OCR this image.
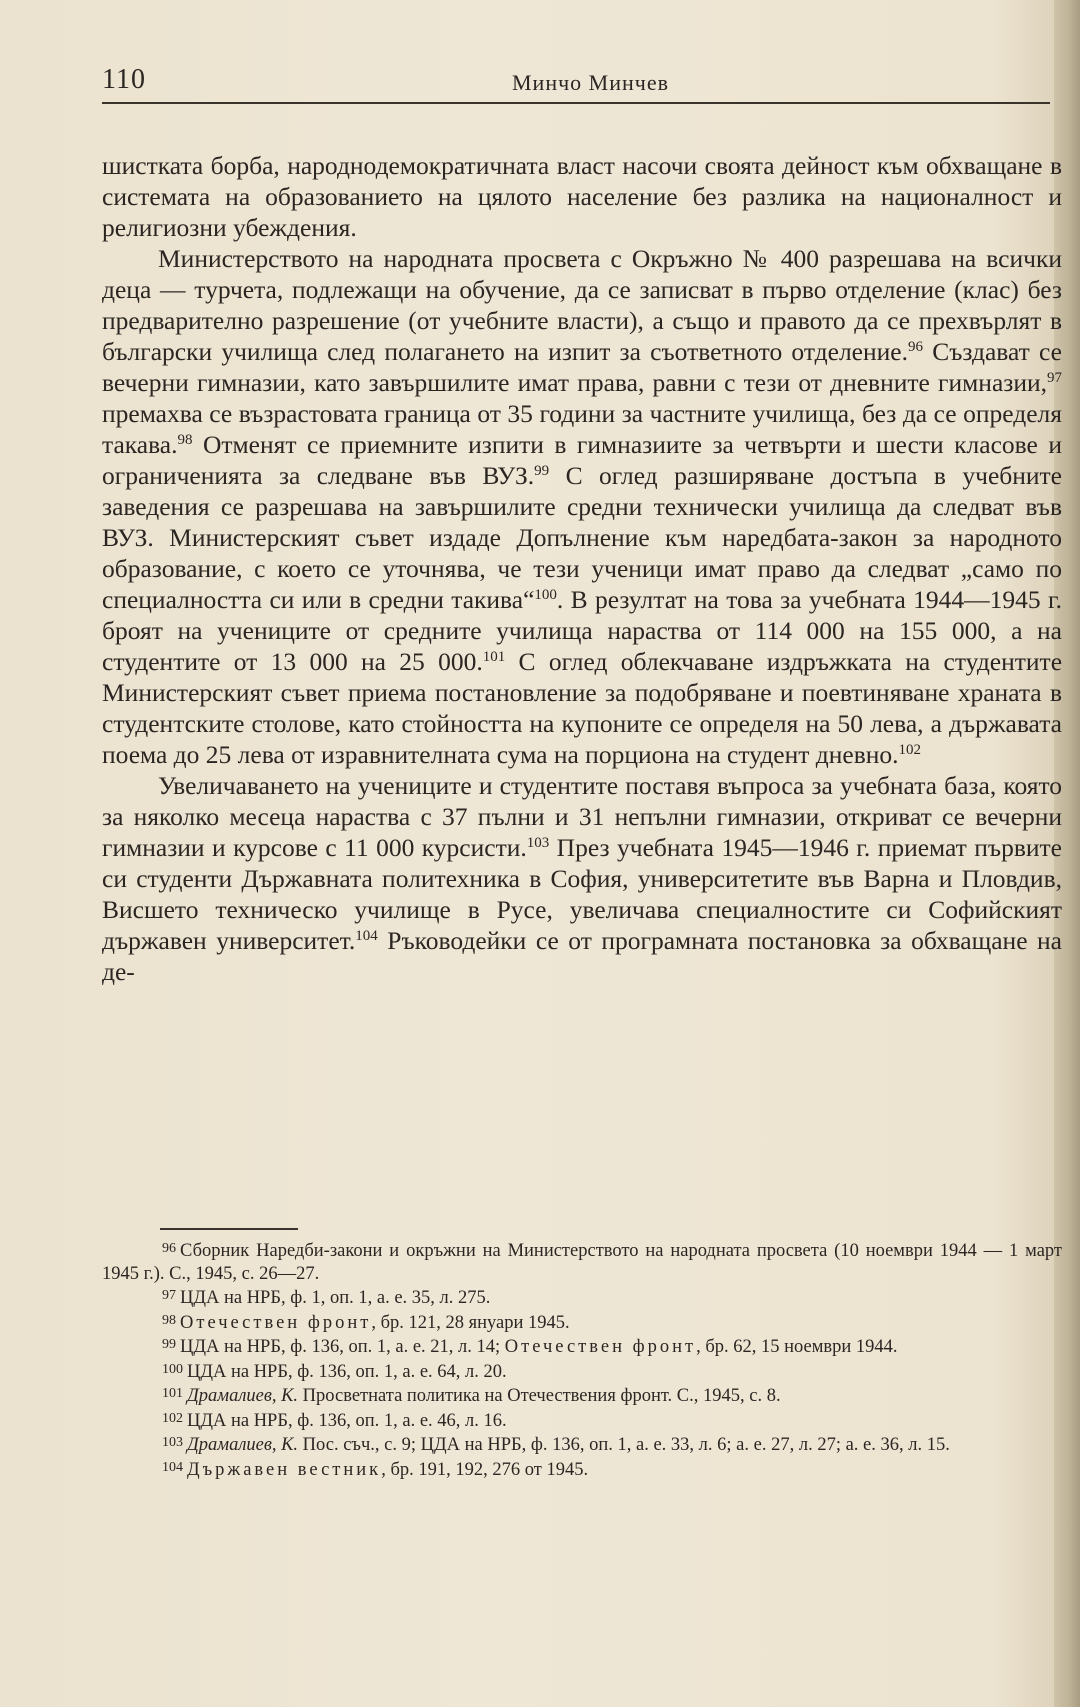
110	Минчо Минчев

шистката борба, народнодемократичната власт насочи своята дейност към обхващане в системата на образованието на цялото население без разлика на националност и религиозни убеждения.

Министерството на народната просвета с Окръжно № 400 разрешава на всички деца — турчета, подлежащи на обучение, да се записват в първо отделение (клас) без предварително разрешение (от учебните власти), а също и правото да се прехвърлят в български училища след полагането на изпит за съответното отделение.$^{96}$ Създават се вечерни гимназии, като завършилите имат права, равни с тези от дневните гимназии,$^{97}$ премахва се възрастовата граница от 35 години за частните училища, без да се определя такава.$^{98}$ Отменят се приемните изпити в гимназиите за четвърти и шести класове и ограниченията за следване във ВУЗ.$^{99}$ С оглед разширяване достъпа в учебните заведения се разрешава на завършилите средни технически училища да следват във ВУЗ. Министерският съвет издаде Допълнение към наредбата-закон за народното образование, с което се уточнява, че тези ученици имат право да следват „само по специалността си или в средни такива“$^{100}$. В резултат на това за учебната 1944—1945 г. броят на учениците от средните училища нараства от 114 000 на 155 000, а на студентите от 13 000 на 25 000.$^{101}$ С оглед облекчаване издръжката на студентите Министерският съвет приема постановление за подобряване и поевтиняване храната в студентските столове, като стойността на купоните се определя на 50 лева, а държавата поема до 25 лева от изравнителната сума на порциона на студент дневно.$^{102}$

Увеличаването на учениците и студентите поставя въпроса за учебната база, която за няколко месеца нараства с 37 пълни и 31 непълни гимназии, откриват се вечерни гимназии и курсове с 11 000 курсисти.$^{103}$ През учебната 1945—1946 г. приемат първите си студенти Държавната политехника в София, университетите във Варна и Пловдив, Висшето техническо училище в Русе, увеличава специалностите си Софийският държавен университет.$^{104}$ Ръководейки се от програмната постановка за обхващане на де-

$^{96}$ Сборник Наредби-закони и окръжни на Министерството на народната просвета (10 ноември 1944 — 1 март 1945 г.). С., 1945, с. 26—27.

$^{97}$ ЦДА на НРБ, ф. 1, оп. 1, а. е. 35, л. 275.

$^{98}$ Отечествен фронт, бр. 121, 28 януари 1945.

$^{99}$ ЦДА на НРБ, ф. 136, оп. 1, а. е. 21, л. 14; Отечествен фронт, бр. 62, 15 ноември 1944.

$^{100}$ ЦДА на НРБ, ф. 136, оп. 1, а. е. 64, л. 20.

$^{101}$ Драмалиев, К. Просветната политика на Отечествения фронт. С., 1945, с. 8.

$^{102}$ ЦДА на НРБ, ф. 136, оп. 1, а. е. 46, л. 16.

$^{103}$ Драмалиев, К. Пос. съч., с. 9; ЦДА на НРБ, ф. 136, оп. 1, а. е. 33, л. 6; а. е. 27, л. 27; а. е. 36, л. 15.

$^{104}$ Държавен вестник, бр. 191, 192, 276 от 1945.
